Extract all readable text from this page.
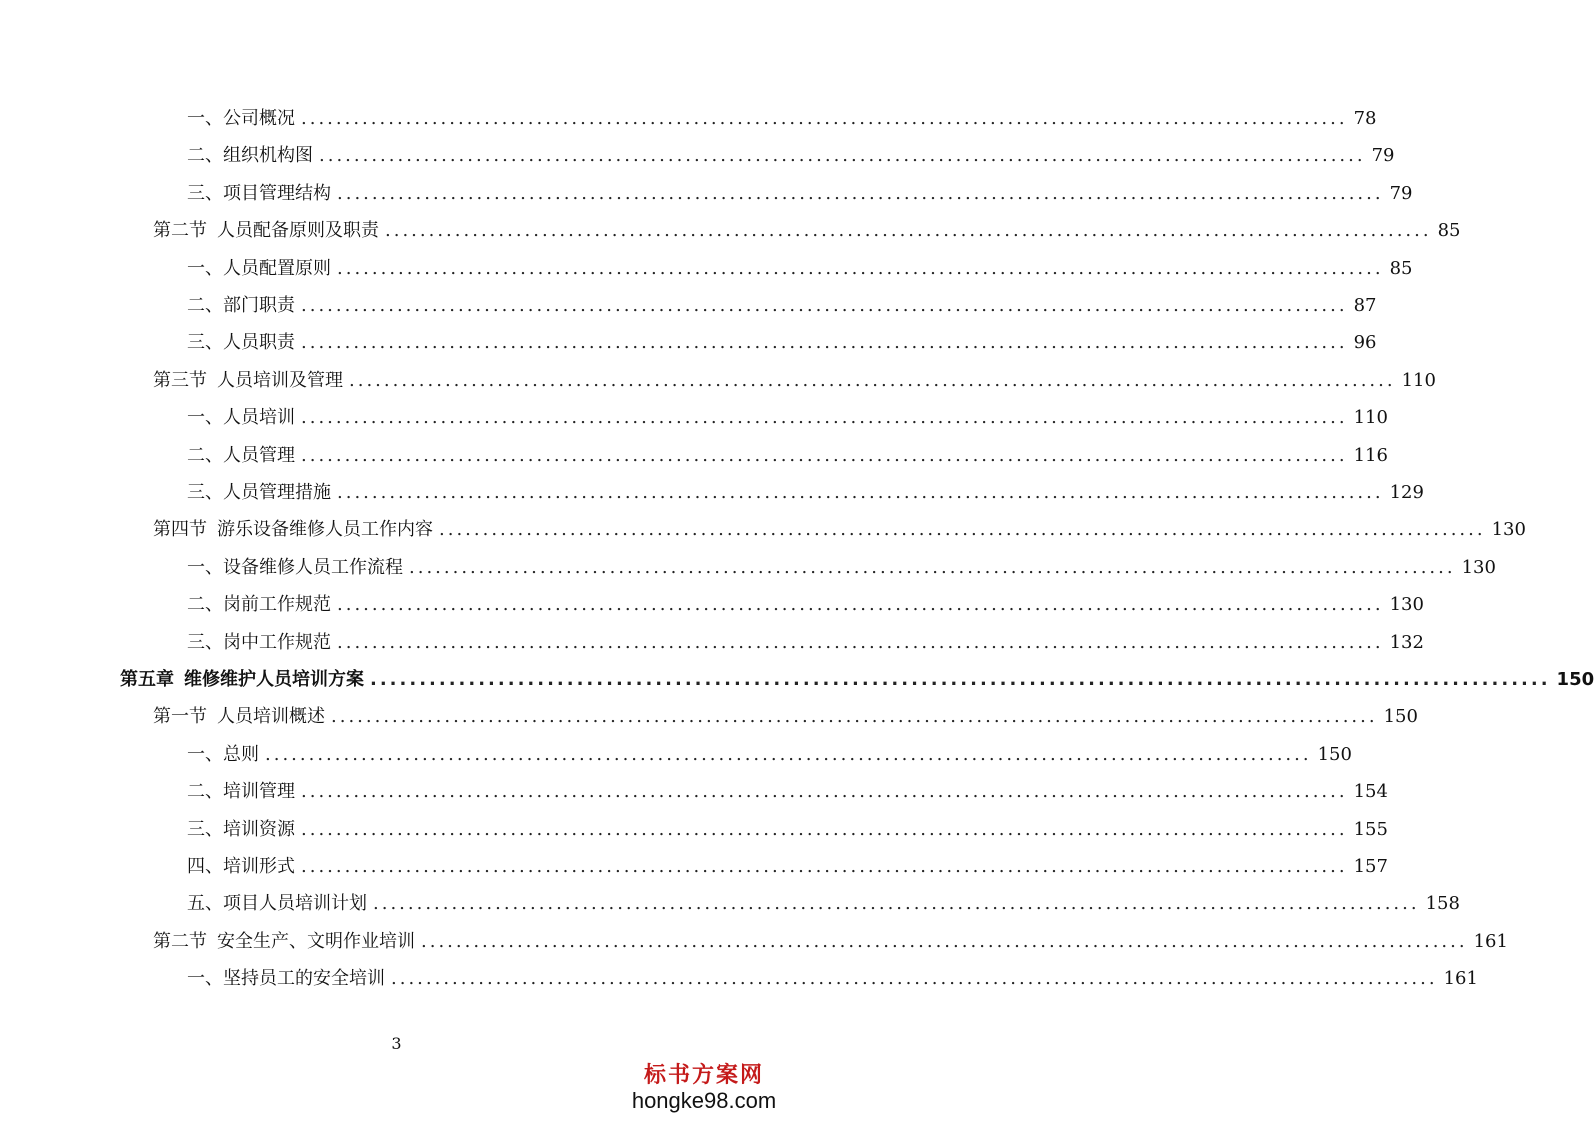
一、 公司概况 ........................................................................................................................ 78
二、 组织机构图 ........................................................................................................................ 79
三、 项目管理结构 ........................................................................................................................ 79
第二节 人员配备原则及职责 ........................................................................................................................ 85
一、 人员配置原则 ........................................................................................................................ 85
二、 部门职责 ........................................................................................................................ 87
三、 人员职责 ........................................................................................................................ 96
第三节 人员培训及管理 ........................................................................................................................ 110
一、 人员培训 ........................................................................................................................ 110
二、 人员管理 ........................................................................................................................ 116
三、 人员管理措施 ........................................................................................................................ 129
第四节 游乐设备维修人员工作内容 ........................................................................................................................ 130
一、 设备维修人员工作流程 ........................................................................................................................ 130
二、 岗前工作规范 ........................................................................................................................ 130
三、 岗中工作规范 ........................................................................................................................ 132
第五章 维修维护人员培训方案 ........................................................................................................................ 150
第一节 人员培训概述 ........................................................................................................................ 150
一、 总则 ........................................................................................................................ 150
二、 培训管理 ........................................................................................................................ 154
三、 培训资源 ........................................................................................................................ 155
四、 培训形式 ........................................................................................................................ 157
五、 项目人员培训计划 ........................................................................................................................ 158
第二节 安全生产、文明作业培训 ........................................................................................................................ 161
一、 坚持员工的安全培训 ........................................................................................................................ 161
3
标书方案网
hongke98.com
